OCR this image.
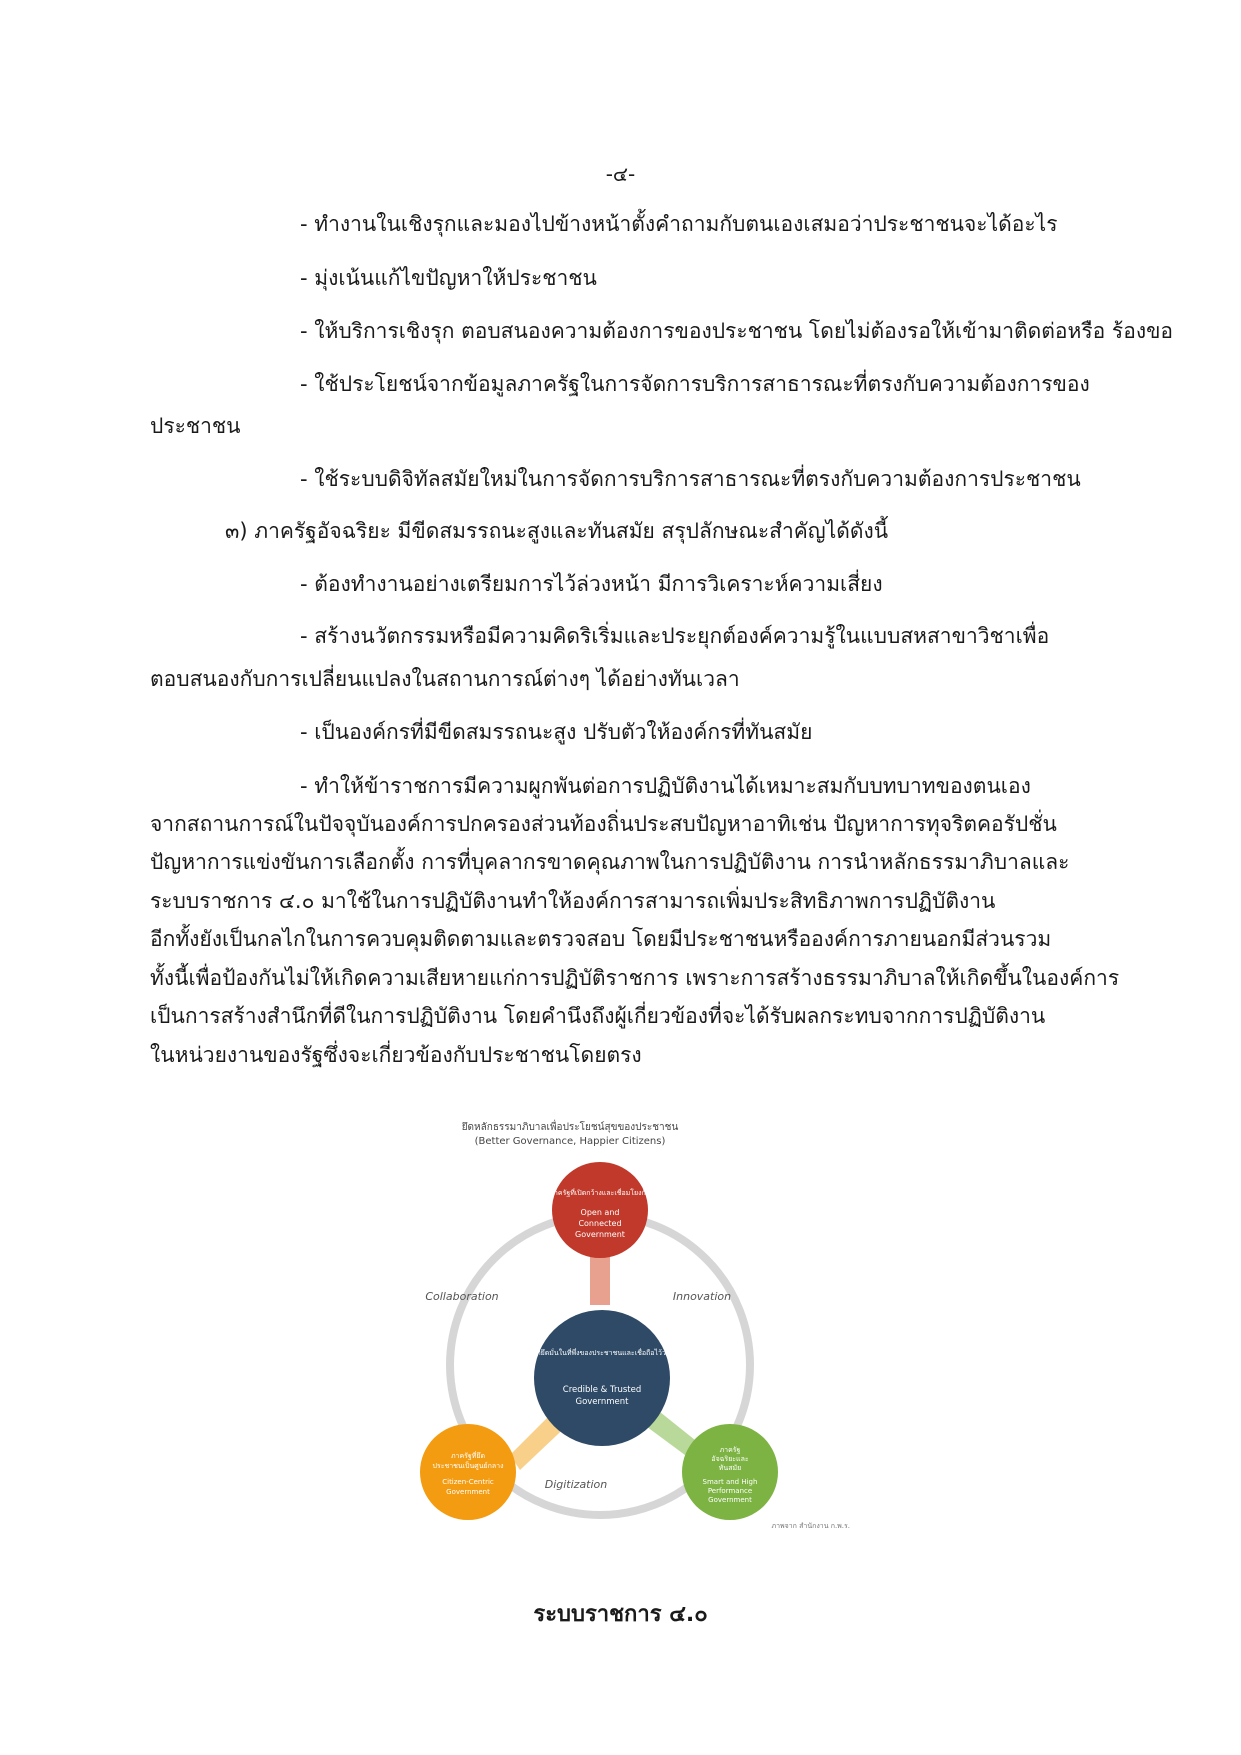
-๔-
- ทำงานในเชิงรุกและมองไปข้างหน้าตั้งคำถามกับตนเองเสมอว่าประชาชนจะได้อะไร
- มุ่งเน้นแก้ไขปัญหาให้ประชาชน
- ให้บริการเชิงรุก ตอบสนองความต้องการของประชาชน โดยไม่ต้องรอให้เข้ามาติดต่อหรือ ร้องขอ
- ใช้ประโยชน์จากข้อมูลภาครัฐในการจัดการบริการสาธารณะที่ตรงกับความต้องการของ
ประชาชน
- ใช้ระบบดิจิทัลสมัยใหม่ในการจัดการบริการสาธารณะที่ตรงกับความต้องการประชาชน
๓) ภาครัฐอัจฉริยะ มีขีดสมรรถนะสูงและทันสมัย สรุปลักษณะสำคัญได้ดังนี้
- ต้องทำงานอย่างเตรียมการไว้ล่วงหน้า มีการวิเคราะห์ความเสี่ยง
- สร้างนวัตกรรมหรือมีความคิดริเริ่มและประยุกต์องค์ความรู้ในแบบสหสาขาวิชาเพื่อ
ตอบสนองกับการเปลี่ยนแปลงในสถานการณ์ต่างๆ ได้อย่างทันเวลา
- เป็นองค์กรที่มีขีดสมรรถนะสูง ปรับตัวให้องค์กรที่ทันสมัย
- ทำให้ข้าราชการมีความผูกพันต่อการปฏิบัติงานได้เหมาะสมกับบทบาทของตนเอง
จากสถานการณ์ในปัจจุบันองค์การปกครองส่วนท้องถิ่นประสบปัญหาอาทิเช่น ปัญหาการทุจริตคอรัปชั่น
ปัญหาการแข่งขันการเลือกตั้ง การที่บุคลากรขาดคุณภาพในการปฏิบัติงาน การนำหลักธรรมาภิบาลและ
ระบบราชการ ๔.๐ มาใช้ในการปฏิบัติงานทำให้องค์การสามารถเพิ่มประสิทธิภาพการปฏิบัติงาน
อีกทั้งยังเป็นกลไกในการควบคุมติดตามและตรวจสอบ โดยมีประชาชนหรือองค์การภายนอกมีส่วนรวม
ทั้งนี้เพื่อป้องกันไม่ให้เกิดความเสียหายแก่การปฏิบัติราชการ เพราะการสร้างธรรมาภิบาลให้เกิดขึ้นในองค์การ
เป็นการสร้างสำนึกที่ดีในการปฏิบัติงาน โดยคำนึงถึงผู้เกี่ยวข้องที่จะได้รับผลกระทบจากการปฏิบัติงาน
ในหน่วยงานของรัฐซึ่งจะเกี่ยวข้องกับประชาชนโดยตรง
ยึดหลักธรรมาภิบาลเพื่อประโยชน์สุขของประชาชน
(Better Governance, Happier Citizens)
ภาครัฐที่เปิดกว้างและเชื่อมโยงกัน
Open and
Connected
Government
ภาครัฐที่ยึดมั่นในที่พึ่งของประชาชนและเชื่อถือไว้วางใจได้
Credible & Trusted
Government
ภาครัฐที่ยึด
ประชาชนเป็นศูนย์กลาง
Citizen-Centric
Government
ภาครัฐ
อัจฉริยะและ
ทันสมัย
Smart and High
Performance
Government
Collaboration	Innovation
Digitization
ภาพจาก สำนักงาน ก.พ.ร.
ระบบราชการ ๔.๐
